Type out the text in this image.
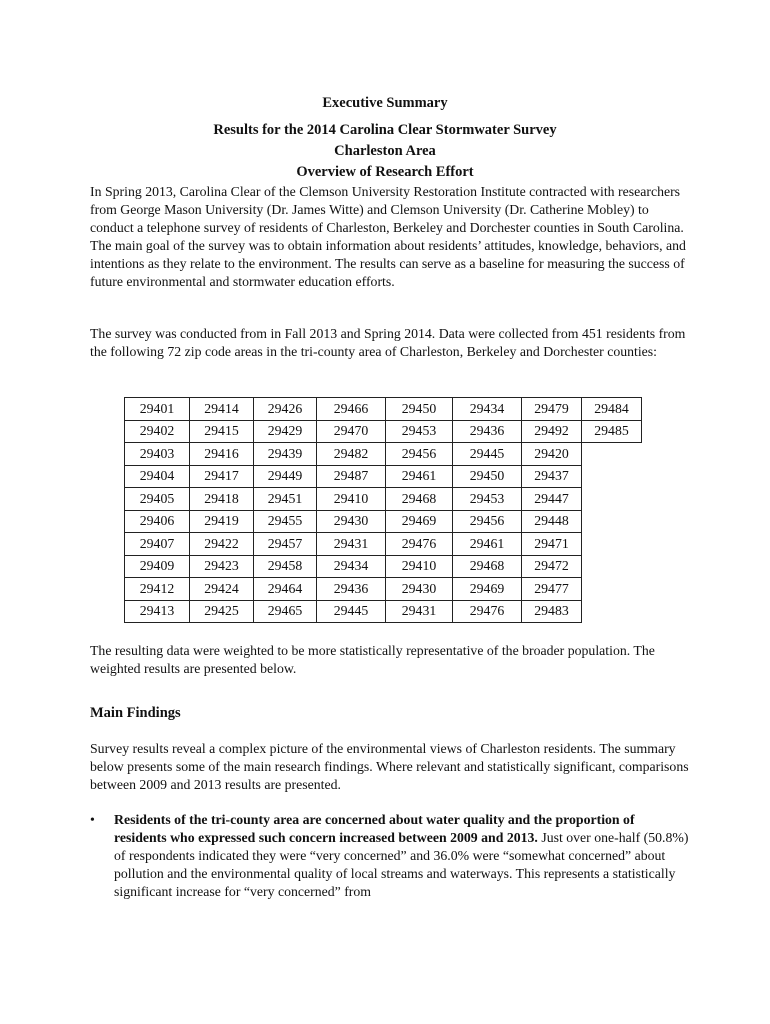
Executive Summary
Results for the 2014 Carolina Clear Stormwater Survey
Charleston Area
Overview of Research Effort

In Spring 2013, Carolina Clear of the Clemson University Restoration Institute contracted with researchers from George Mason University (Dr. James Witte) and Clemson University (Dr. Catherine Mobley) to conduct a telephone survey of residents of Charleston, Berkeley and Dorchester counties in South Carolina. The main goal of the survey was to obtain information about residents’ attitudes, knowledge, behaviors, and intentions as they relate to the environment. The results can serve as a baseline for measuring the success of future environmental and stormwater education efforts.

The survey was conducted from in Fall 2013 and Spring 2014. Data were collected from 451 residents from the following 72 zip code areas in the tri-county area of Charleston, Berkeley and Dorchester counties:

29401	29414	29426	29466	29450	29434	29479	29484
29402	29415	29429	29470	29453	29436	29492	29485
29403	29416	29439	29482	29456	29445	29420	
29404	29417	29449	29487	29461	29450	29437	
29405	29418	29451	29410	29468	29453	29447	
29406	29419	29455	29430	29469	29456	29448	
29407	29422	29457	29431	29476	29461	29471	
29409	29423	29458	29434	29410	29468	29472	
29412	29424	29464	29436	29430	29469	29477	
29413	29425	29465	29445	29431	29476	29483	

The resulting data were weighted to be more statistically representative of the broader population. The weighted results are presented below.

Main Findings

Survey results reveal a complex picture of the environmental views of Charleston residents. The summary below presents some of the main research findings. Where relevant and statistically significant, comparisons between 2009 and 2013 results are presented.

•	Residents of the tri-county area are concerned about water quality and the proportion of residents who expressed such concern increased between 2009 and 2013. Just over one-half (50.8%) of respondents indicated they were “very concerned” and 36.0% were “somewhat concerned” about pollution and the environmental quality of local streams and waterways. This represents a statistically significant increase for “very concerned” from
